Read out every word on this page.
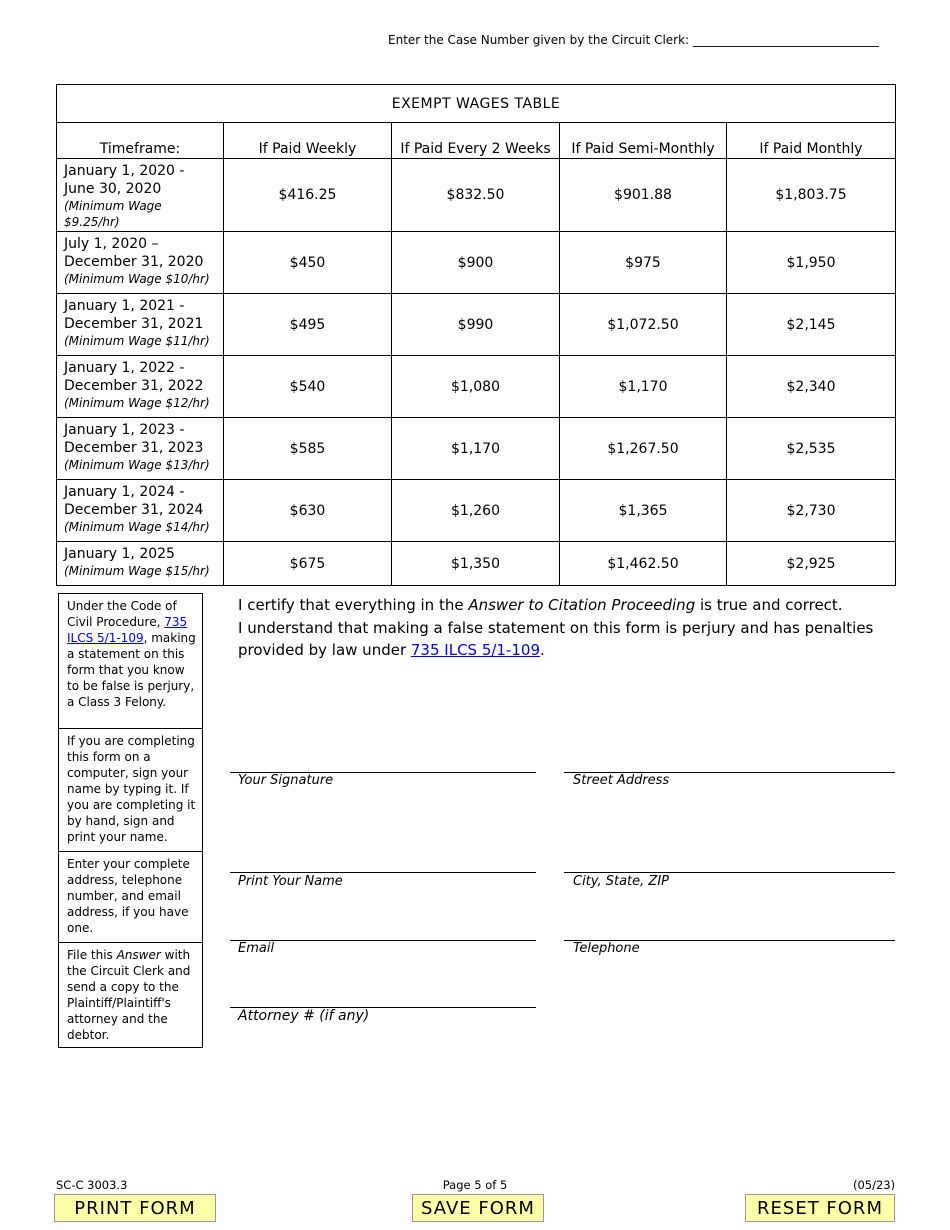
Enter the Case Number given by the Circuit Clerk: _______________________________
EXEMPT WAGES TABLE				
Timeframe:	If Paid Weekly	If Paid Every 2 Weeks	If Paid Semi-Monthly	If Paid Monthly

January 1, 2020 - June 30, 2020
(Minimum Wage $9.25/hr)	$416.25	$832.50	$901.88	$1,803.75

July 1, 2020 – December 31, 2020
(Minimum Wage $10/hr)	$450	$900	$975	$1,950

January 1, 2021 - December 31, 2021
(Minimum Wage $11/hr)	$495	$990	$1,072.50	$2,145

January 1, 2022 - December 31, 2022
(Minimum Wage $12/hr)	$540	$1,080	$1,170	$2,340

January 1, 2023 - December 31, 2023
(Minimum Wage $13/hr)	$585	$1,170	$1,267.50	$2,535

January 1, 2024 - December 31, 2024
(Minimum Wage $14/hr)	$630	$1,260	$1,365	$2,730

January 1, 2025
(Minimum Wage $15/hr)	$675	$1,350	$1,462.50	$2,925
Under the Code of Civil Procedure, 735 ILCS 5/1-109, making a statement on this form that you know to be false is perjury, a Class 3 Felony.
If you are completing this form on a computer, sign your name by typing it. If you are completing it by hand, sign and print your name.
Enter your complete address, telephone number, and email address, if you have one.
File this Answer with the Circuit Clerk and send a copy to the Plaintiff/Plaintiff's attorney and the debtor.
I certify that everything in the Answer to Citation Proceeding is true and correct.
I understand that making a false statement on this form is perjury and has penalties provided by law under 735 ILCS 5/1-109.
Your Signature	Street Address
Print Your Name	City, State, ZIP
Email	Telephone
Attorney # (if any)
SC-C 3003.3	Page 5 of 5	(05/23)
PRINT FORM	SAVE FORM	RESET FORM
